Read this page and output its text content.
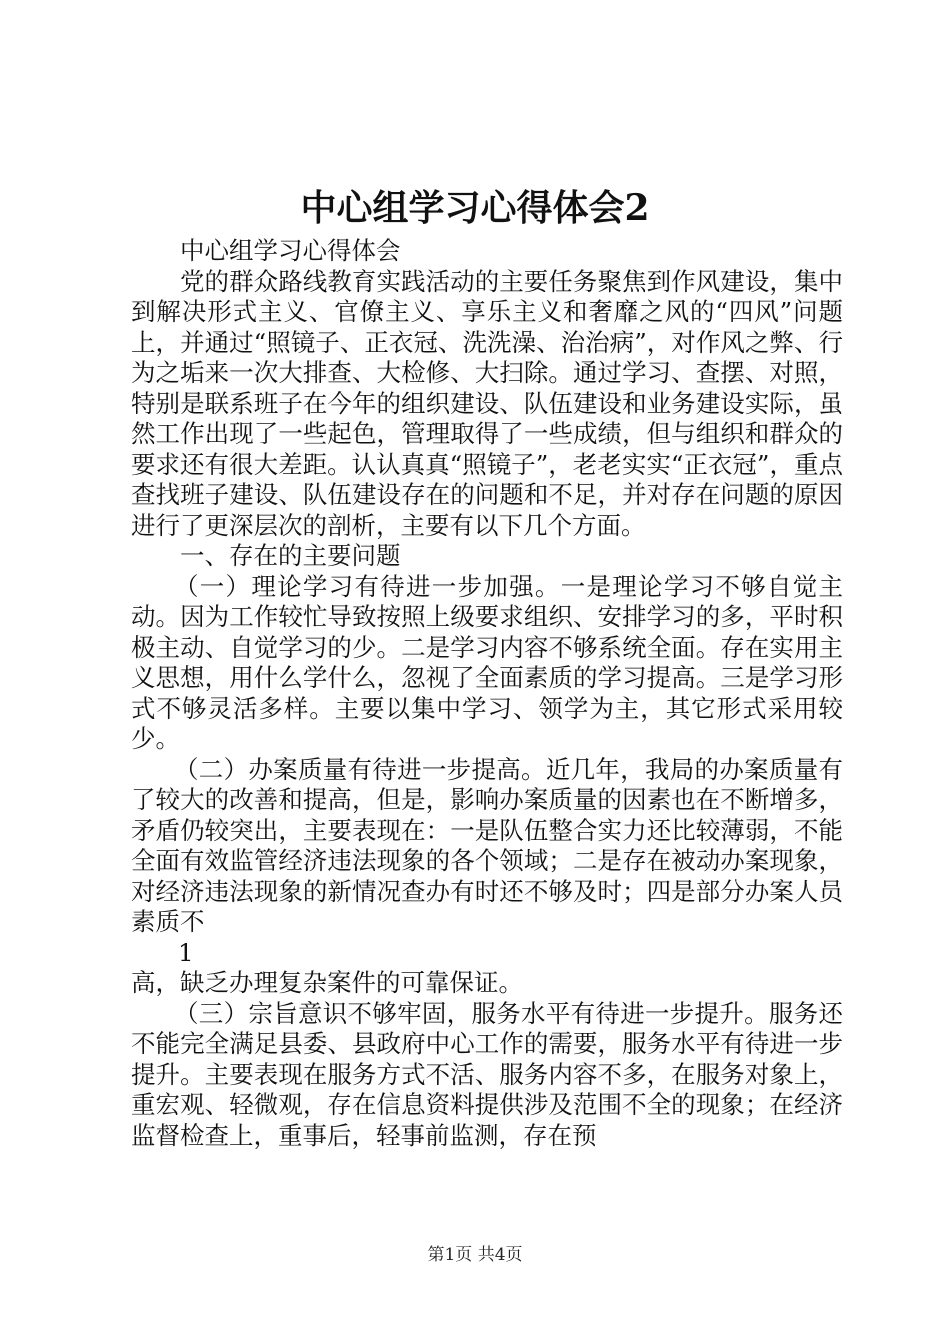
中心组学习心得体会2

中心组学习心得体会

党的群众路线教育实践活动的主要任务聚焦到作风建设，集中到解决形式主义、官僚主义、享乐主义和奢靡之风的“四风”问题上，并通过“照镜子、正衣冠、洗洗澡、治治病”，对作风之弊、行为之垢来一次大排查、大检修、大扫除。通过学习、查摆、对照，特别是联系班子在今年的组织建设、队伍建设和业务建设实际，虽然工作出现了一些起色，管理取得了一些成绩，但与组织和群众的要求还有很大差距。认认真真“照镜子”，老老实实“正衣冠”，重点查找班子建设、队伍建设存在的问题和不足，并对存在问题的原因进行了更深层次的剖析，主要有以下几个方面。

一、存在的主要问题

（一）理论学习有待进一步加强。一是理论学习不够自觉主动。因为工作较忙导致按照上级要求组织、安排学习的多，平时积极主动、自觉学习的少。二是学习内容不够系统全面。存在实用主义思想，用什么学什么，忽视了全面素质的学习提高。三是学习形式不够灵活多样。主要以集中学习、领学为主，其它形式采用较少。

（二）办案质量有待进一步提高。近几年，我局的办案质量有了较大的改善和提高，但是，影响办案质量的因素也在不断增多，矛盾仍较突出，主要表现在：一是队伍整合实力还比较薄弱，不能全面有效监管经济违法现象的各个领域；二是存在被动办案现象，对经济违法现象的新情况查办有时还不够及时；四是部分办案人员素质不

1

高，缺乏办理复杂案件的可靠保证。

（三）宗旨意识不够牢固，服务水平有待进一步提升。服务还不能完全满足县委、县政府中心工作的需要，服务水平有待进一步提升。主要表现在服务方式不活、服务内容不多，在服务对象上，重宏观、轻微观，存在信息资料提供涉及范围不全的现象；在经济监督检查上，重事后，轻事前监测，存在预

第1页 共4页
